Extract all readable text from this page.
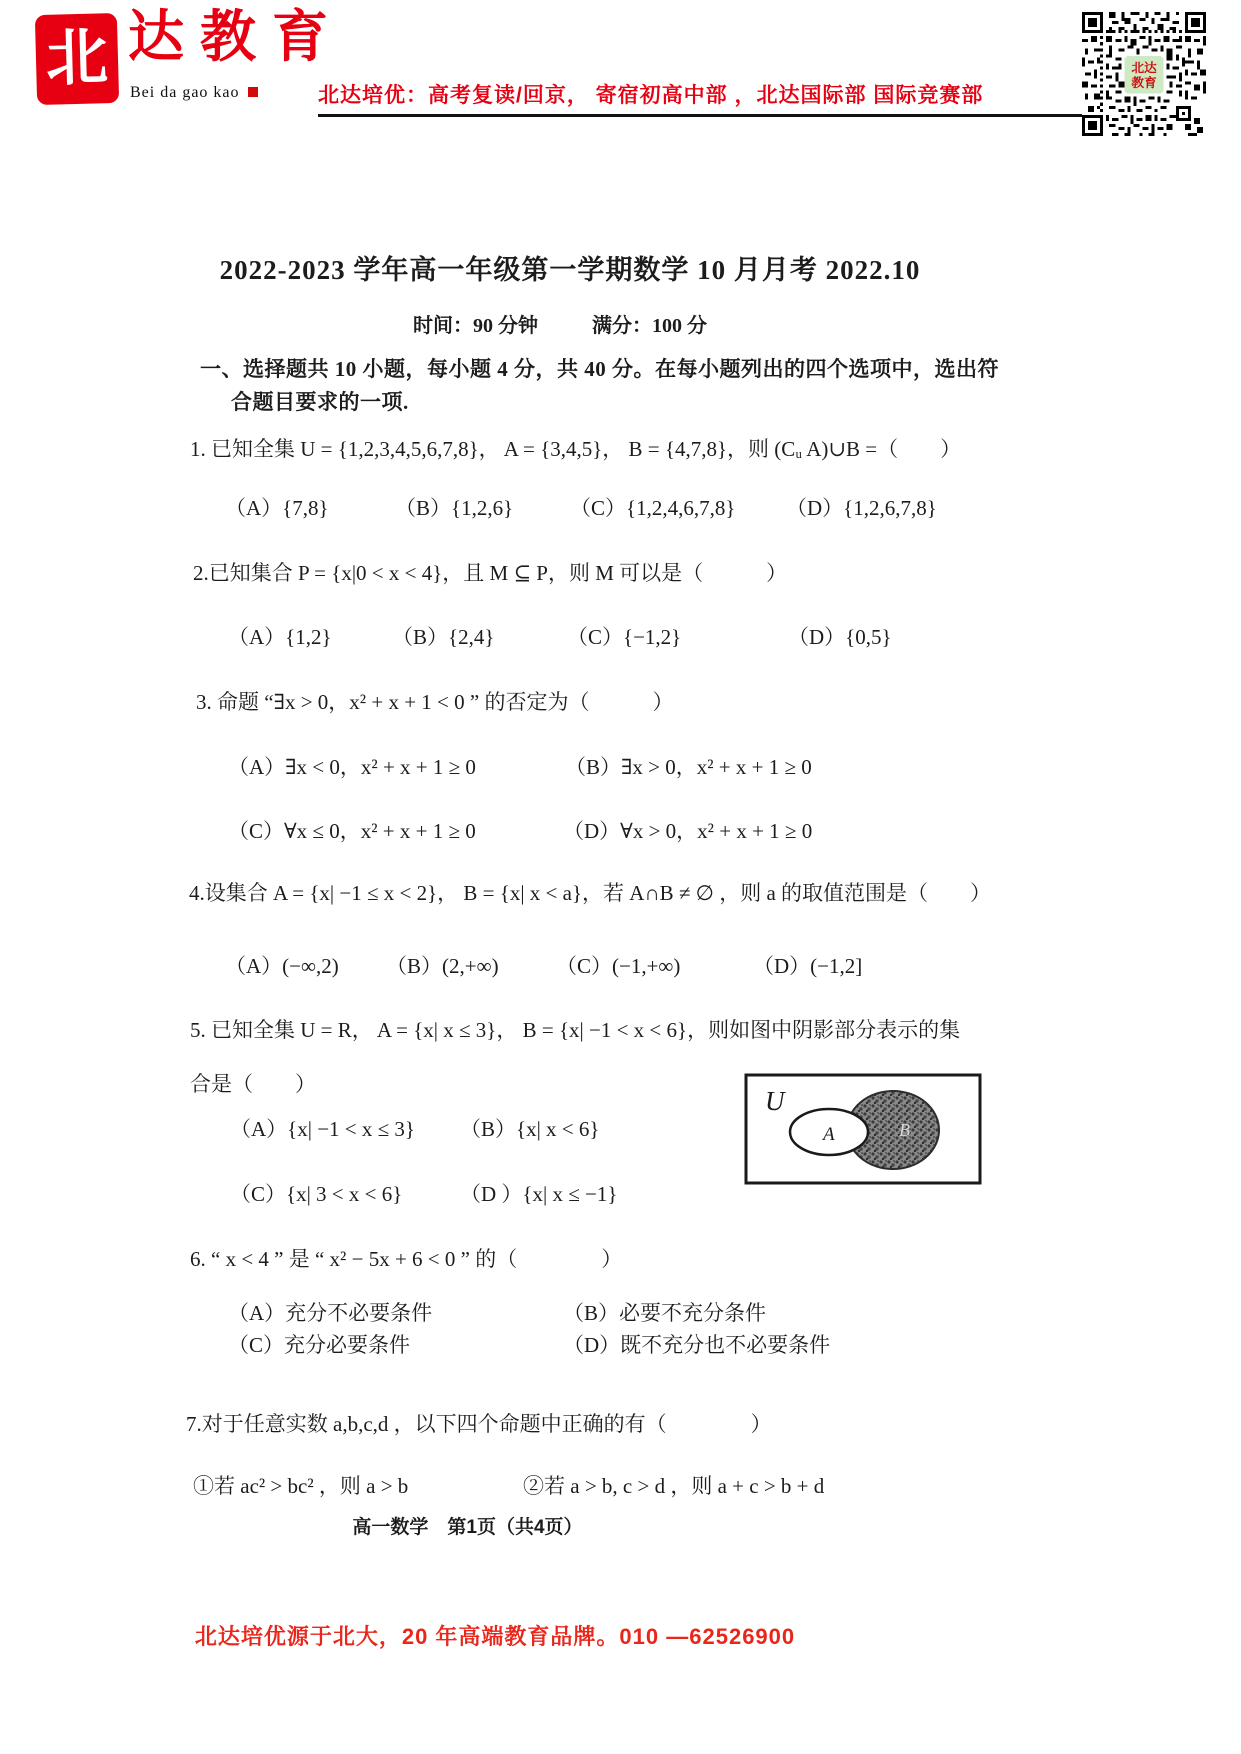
北 达教育
Bei da gao kao	北达培优：高考复读/回京， 寄宿初高中部 ，北达国际部 国际竞赛部
北达
教育
2022-2023 学年高一年级第一学期数学 10 月月考 2022.10
时间：90 分钟	满分：100 分
一、选择题共 10 小题，每小题 4 分，共 40 分。在每小题列出的四个选项中，选出符
合题目要求的一项.
1. 已知全集 U = {1,2,3,4,5,6,7,8}， A = {3,4,5}， B = {4,7,8}，则 (Cᵤ A)∪B =（　　）
（A）{7,8}	（B）{1,2,6}	（C）{1,2,4,6,7,8} （D）{1,2,6,7,8}
2.已知集合 P = {x|0 < x < 4}，且 M ⊆ P，则 M 可以是（　　　）
（A）{1,2}	（B）{2,4}	（C）{−1,2}	（D）{0,5}
3. 命题 “∃x > 0，x² + x + 1 < 0 ” 的否定为（　　　）
（A）∃x < 0，x² + x + 1 ≥ 0	（B）∃x > 0，x² + x + 1 ≥ 0
（C）∀x ≤ 0，x² + x + 1 ≥ 0	（D）∀x > 0，x² + x + 1 ≥ 0
4.设集合 A = {x| −1 ≤ x < 2}， B = {x| x < a}，若 A∩B ≠ ∅ ，则 a 的取值范围是（　　）
（A）(−∞,2) （B）(2,+∞)	（C）(−1,+∞)	（D）(−1,2]
5. 已知全集 U = R， A = {x| x ≤ 3}， B = {x| −1 < x < 6}，则如图中阴影部分表示的集
合是（　　）
（A）{x| −1 < x ≤ 3} （B）{x| x < 6}
（C）{x| 3 < x < 6}	（D ）{x| x ≤ −1}
U
B
A
6. “ x < 4 ” 是 “ x² − 5x + 6 < 0 ” 的（　　　　）
（A）充分不必要条件	（B）必要不充分条件
（C）充分必要条件	（D）既不充分也不必要条件
7.对于任意实数 a,b,c,d ，以下四个命题中正确的有（　　　　）
①若 ac² > bc² ，则 a > b	②若 a > b, c > d ，则 a + c > b + d
高一数学　第1页（共4页）
北达培优源于北大，20 年高端教育品牌。010 —62526900
